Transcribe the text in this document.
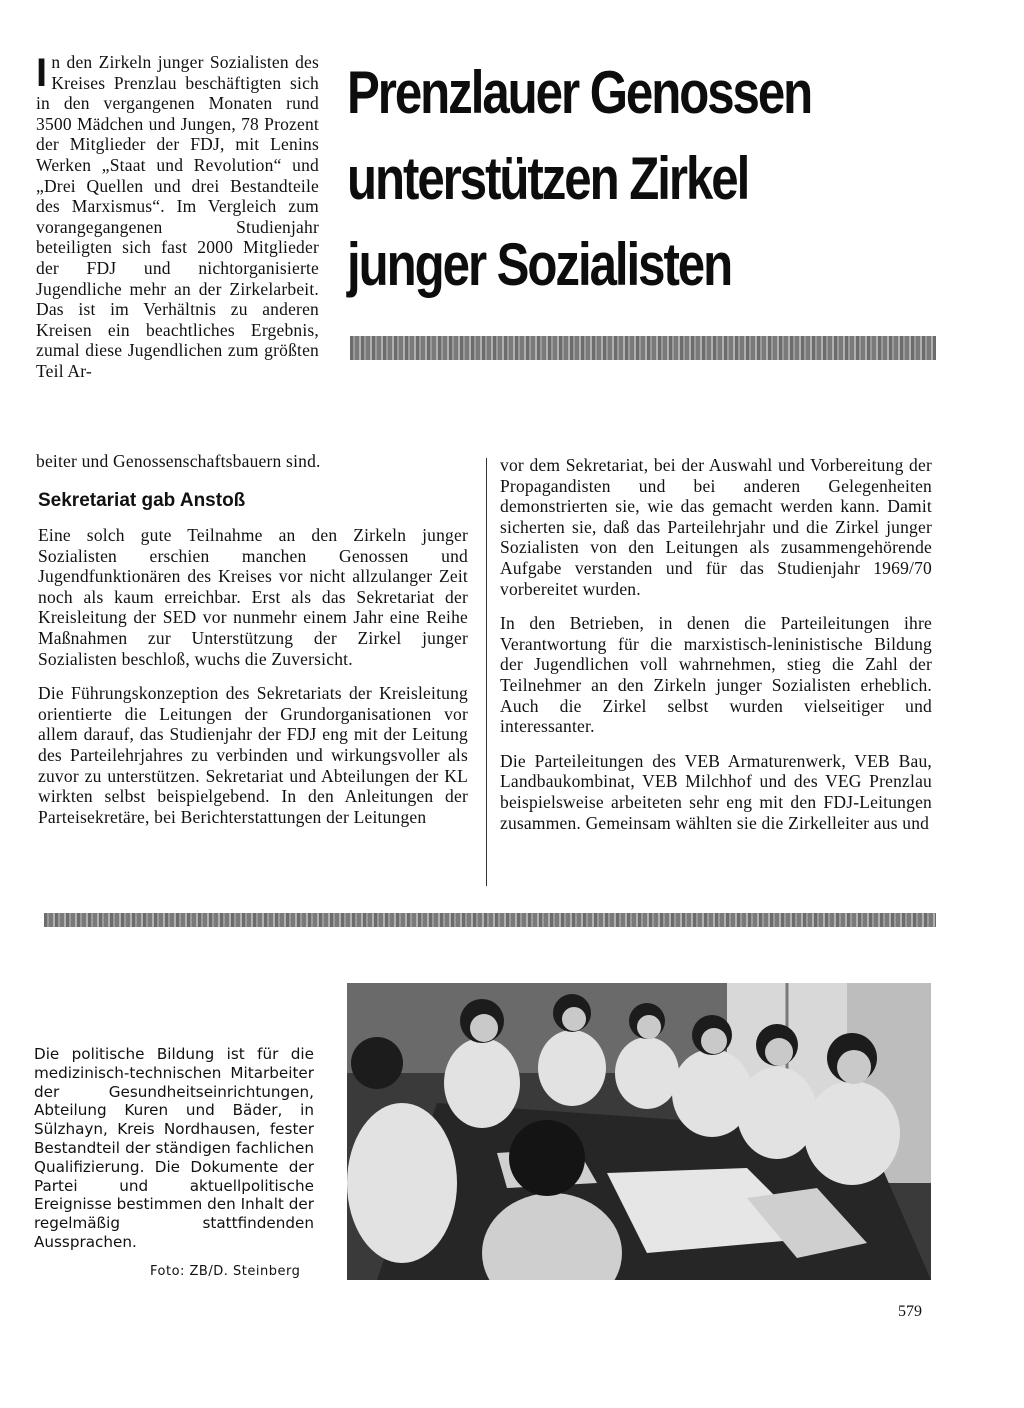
In den Zirkeln junger Sozialisten des Kreises Prenzlau beschäftigten sich in den vergangenen Monaten rund 3500 Mädchen und Jungen, 78 Prozent der Mitglieder der FDJ, mit Lenins Werken „Staat und Revolution“ und „Drei Quellen und drei Bestandteile des Marxismus“. Im Vergleich zum vorangegangenen Studienjahr beteiligten sich fast 2000 Mitglieder der FDJ und nichtorganisierte Jugendliche mehr an der Zirkelarbeit. Das ist im Verhältnis zu anderen Kreisen ein beachtliches Ergebnis, zumal diese Jugendlichen zum größten Teil Ar-

beiter und Genossenschaftsbauern sind.

Prenzlauer Genossen
unterstützen Zirkel
junger Sozialisten
Sekretariat gab Anstoß

Eine solch gute Teilnahme an den Zirkeln junger Sozialisten erschien manchen Genossen und Jugendfunktionären des Kreises vor nicht allzulanger Zeit noch als kaum erreichbar. Erst als das Sekretariat der Kreisleitung der SED vor nunmehr einem Jahr eine Reihe Maßnahmen zur Unterstützung der Zirkel junger Sozialisten beschloß, wuchs die Zuversicht.

Die Führungskonzeption des Sekretariats der Kreisleitung orientierte die Leitungen der Grundorganisationen vor allem darauf, das Studienjahr der FDJ eng mit der Leitung des Parteilehrjahres zu verbinden und wirkungsvoller als zuvor zu unterstützen. Sekretariat und Abteilungen der KL wirkten selbst beispielgebend. In den Anleitungen der Parteisekretäre, bei Berichterstattungen der Leitungen

vor dem Sekretariat, bei der Auswahl und Vorbereitung der Propagandisten und bei anderen Gelegenheiten demonstrierten sie, wie das gemacht werden kann. Damit sicherten sie, daß das Parteilehrjahr und die Zirkel junger Sozialisten von den Leitungen als zusammengehörende Aufgabe verstanden und für das Studienjahr 1969/70 vorbereitet wurden.

In den Betrieben, in denen die Parteileitungen ihre Verantwortung für die marxistisch-leninistische Bildung der Jugendlichen voll wahrnehmen, stieg die Zahl der Teilnehmer an den Zirkeln junger Sozialisten erheblich. Auch die Zirkel selbst wurden vielseitiger und interessanter.

Die Parteileitungen des VEB Armaturenwerk, VEB Bau, Landbaukombinat, VEB Milchhof und des VEG Prenzlau beispielsweise arbeiteten sehr eng mit den FDJ-Leitungen zusammen. Gemeinsam wählten sie die Zirkelleiter aus und

Die politische Bildung ist für die medizinisch-technischen Mitarbeiter der Gesundheitseinrichtungen, Abteilung Kuren und Bäder, in Sülzhayn, Kreis Nordhausen, fester Bestandteil der ständigen fachlichen Qualifizierung. Die Dokumente der Partei und aktuellpolitische Ereignisse bestimmen den Inhalt der regelmäßig stattfindenden Aussprachen.
Foto: ZB/D. Steinberg
579
